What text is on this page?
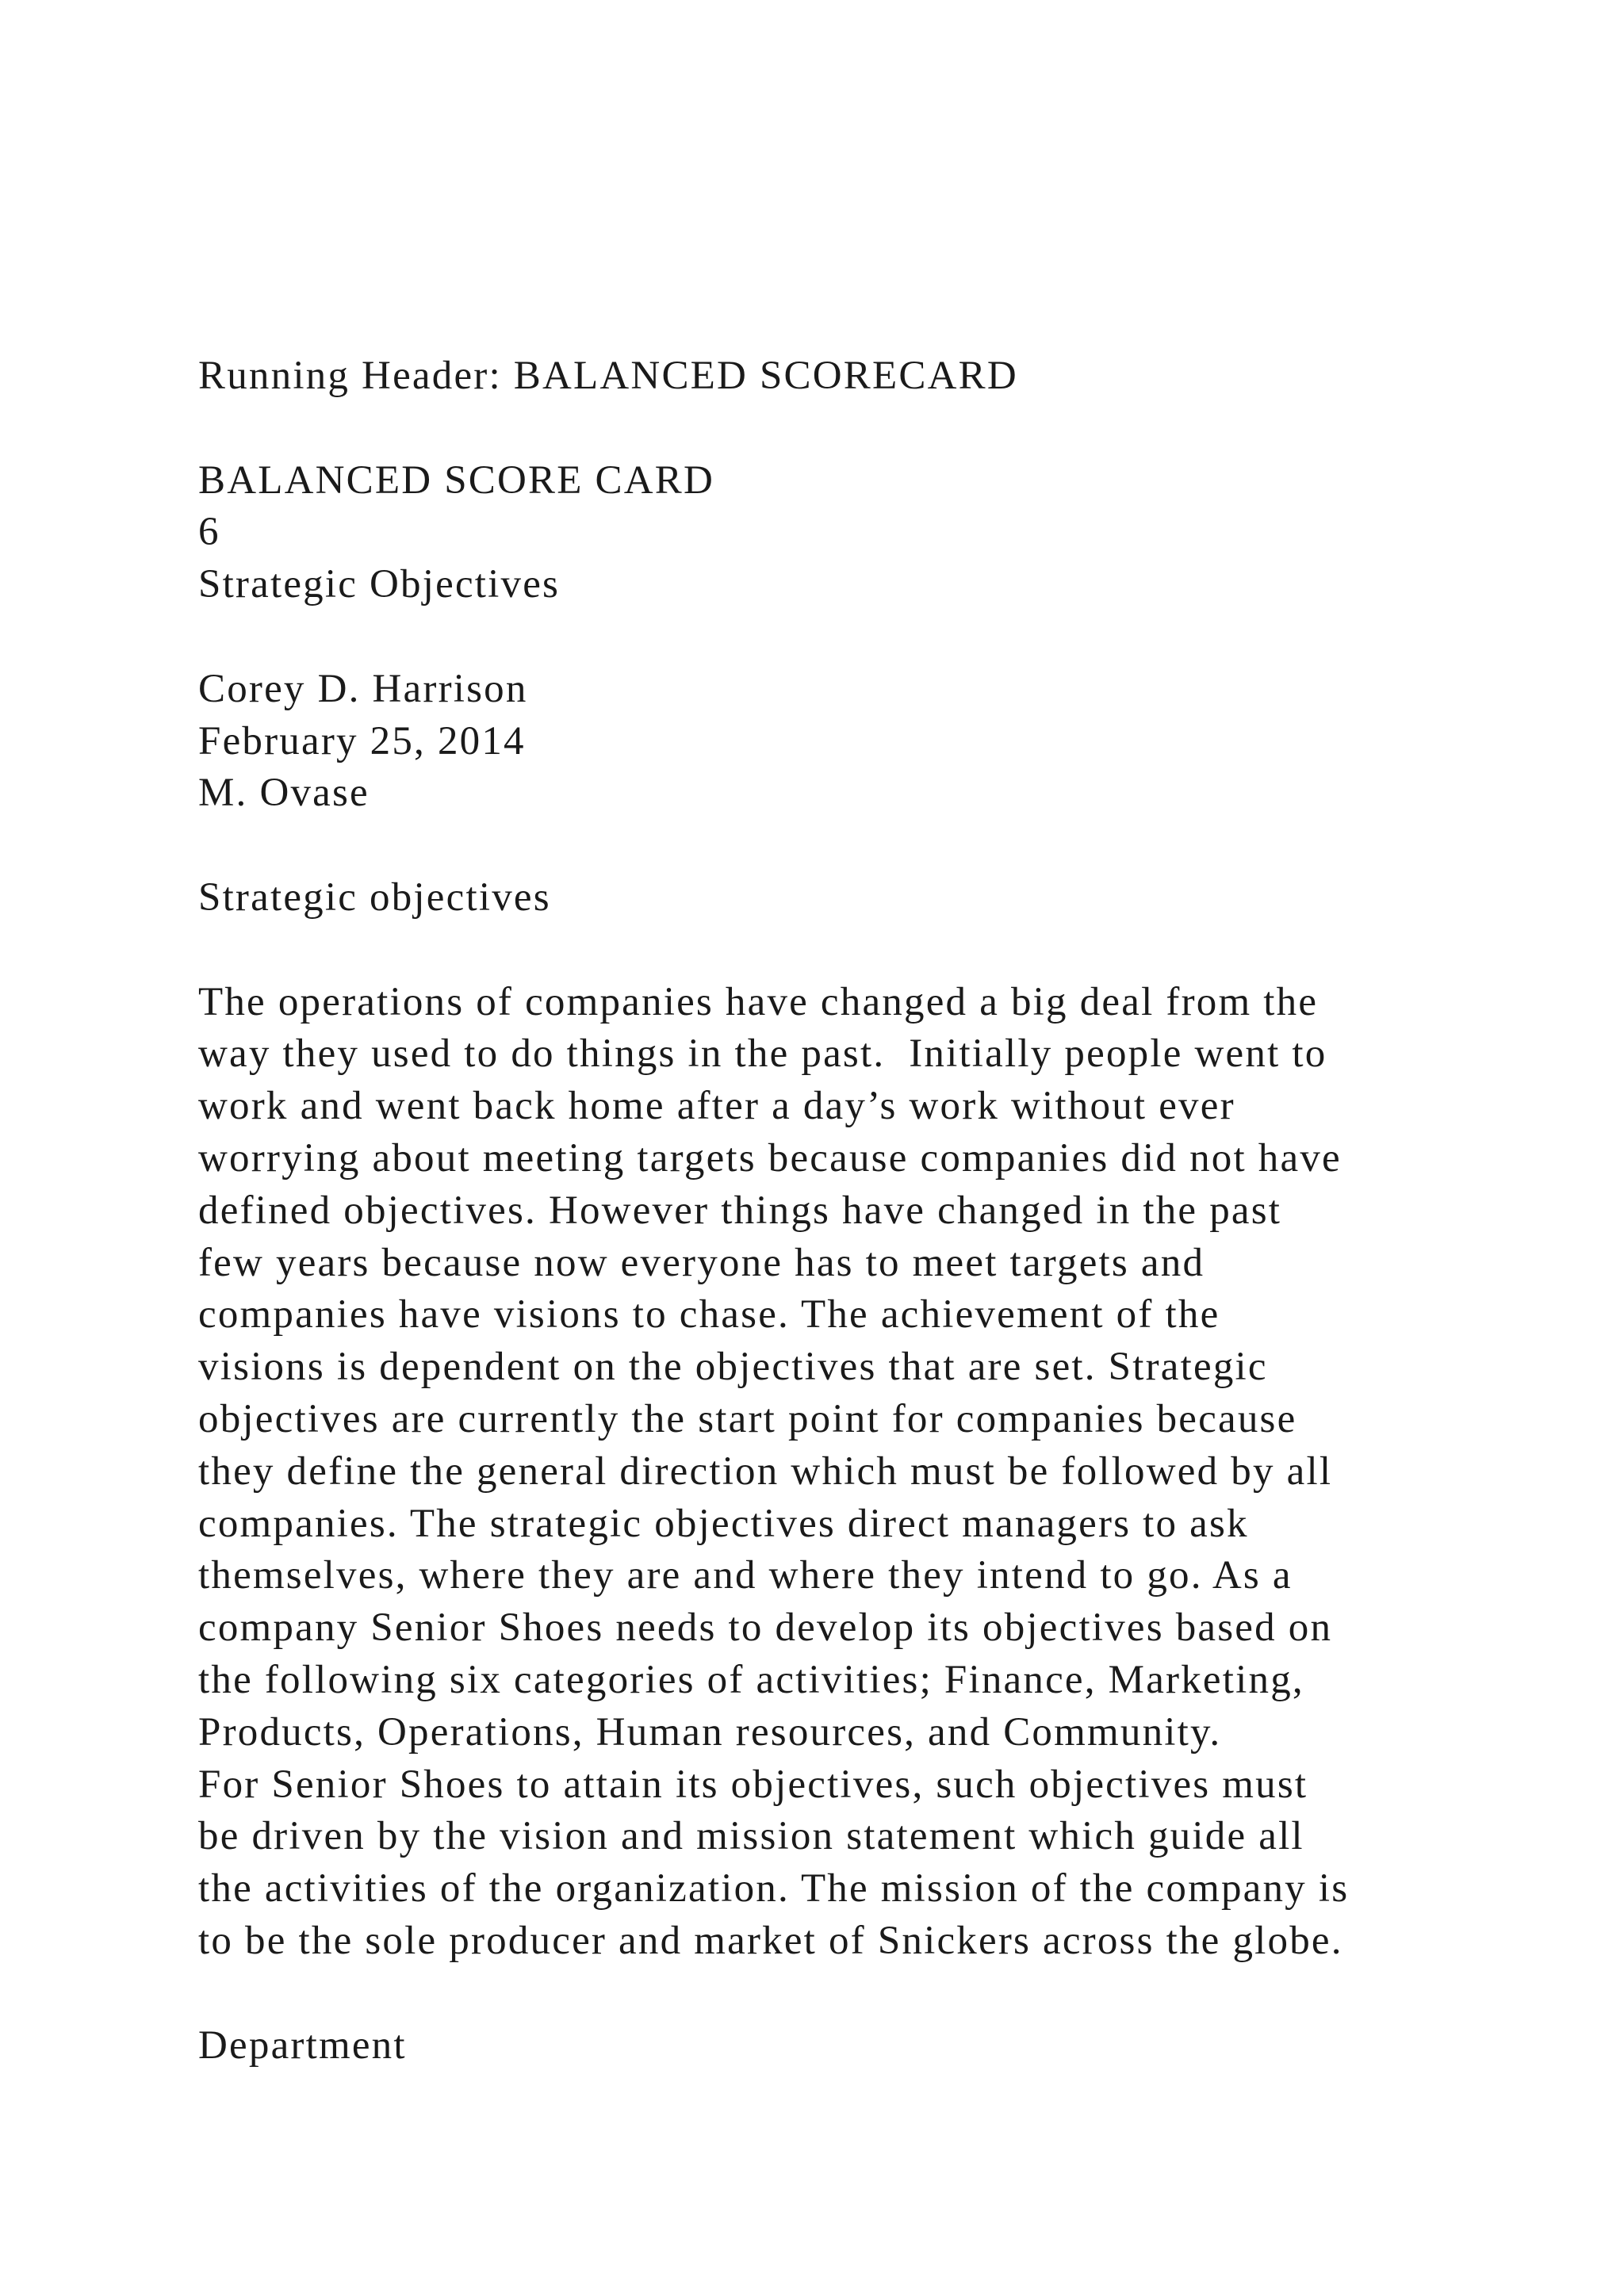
Running Header: BALANCED SCORECARD
BALANCED SCORE CARD
6
Strategic Objectives
Corey D. Harrison
February 25, 2014
M. Ovase
Strategic objectives
The operations of companies have changed a big deal from the
way they used to do things in the past.  Initially people went to
work and went back home after a day’s work without ever
worrying about meeting targets because companies did not have
defined objectives. However things have changed in the past
few years because now everyone has to meet targets and
companies have visions to chase. The achievement of the
visions is dependent on the objectives that are set. Strategic
objectives are currently the start point for companies because
they define the general direction which must be followed by all
companies. The strategic objectives direct managers to ask
themselves, where they are and where they intend to go. As a
company Senior Shoes needs to develop its objectives based on
the following six categories of activities; Finance, Marketing,
Products, Operations, Human resources, and Community.
For Senior Shoes to attain its objectives, such objectives must
be driven by the vision and mission statement which guide all
the activities of the organization. The mission of the company is
to be the sole producer and market of Snickers across the globe.
Department
